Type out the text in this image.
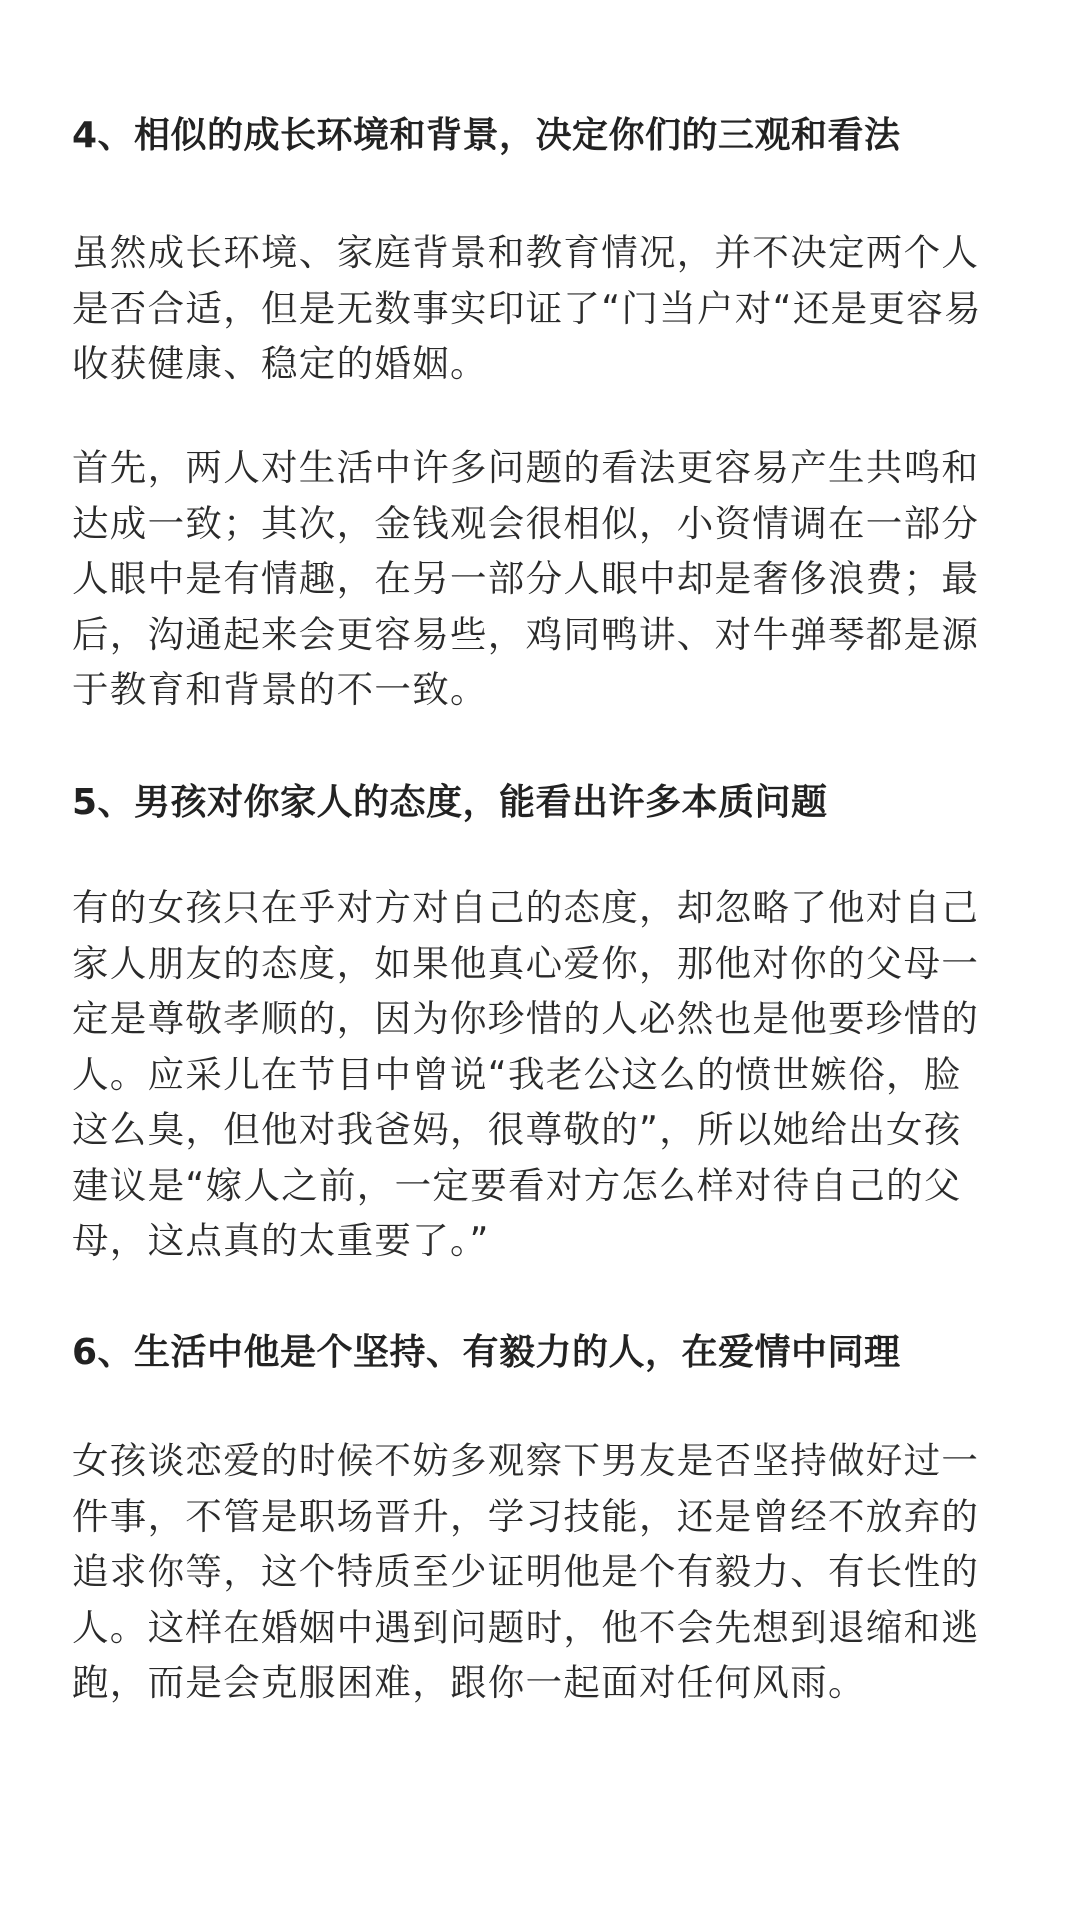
4、相似的成长环境和背景，决定你们的三观和看法
虽然成长环境、家庭背景和教育情况，并不决定两个人
是否合适，但是无数事实印证了“门当户对“还是更容易
收获健康、稳定的婚姻。
首先，两人对生活中许多问题的看法更容易产生共鸣和
达成一致；其次，金钱观会很相似，小资情调在一部分
人眼中是有情趣，在另一部分人眼中却是奢侈浪费；最
后，沟通起来会更容易些，鸡同鸭讲、对牛弹琴都是源
于教育和背景的不一致。
5、男孩对你家人的态度，能看出许多本质问题
有的女孩只在乎对方对自己的态度，却忽略了他对自己
家人朋友的态度，如果他真心爱你，那他对你的父母一
定是尊敬孝顺的，因为你珍惜的人必然也是他要珍惜的
人。应采儿在节目中曾说“我老公这么的愤世嫉俗，脸
这么臭，但他对我爸妈，很尊敬的”，所以她给出女孩
建议是“嫁人之前，一定要看对方怎么样对待自己的父
母，这点真的太重要了。”
6、生活中他是个坚持、有毅力的人，在爱情中同理
女孩谈恋爱的时候不妨多观察下男友是否坚持做好过一
件事，不管是职场晋升，学习技能，还是曾经不放弃的
追求你等，这个特质至少证明他是个有毅力、有长性的
人。这样在婚姻中遇到问题时，他不会先想到退缩和逃
跑，而是会克服困难，跟你一起面对任何风雨。
